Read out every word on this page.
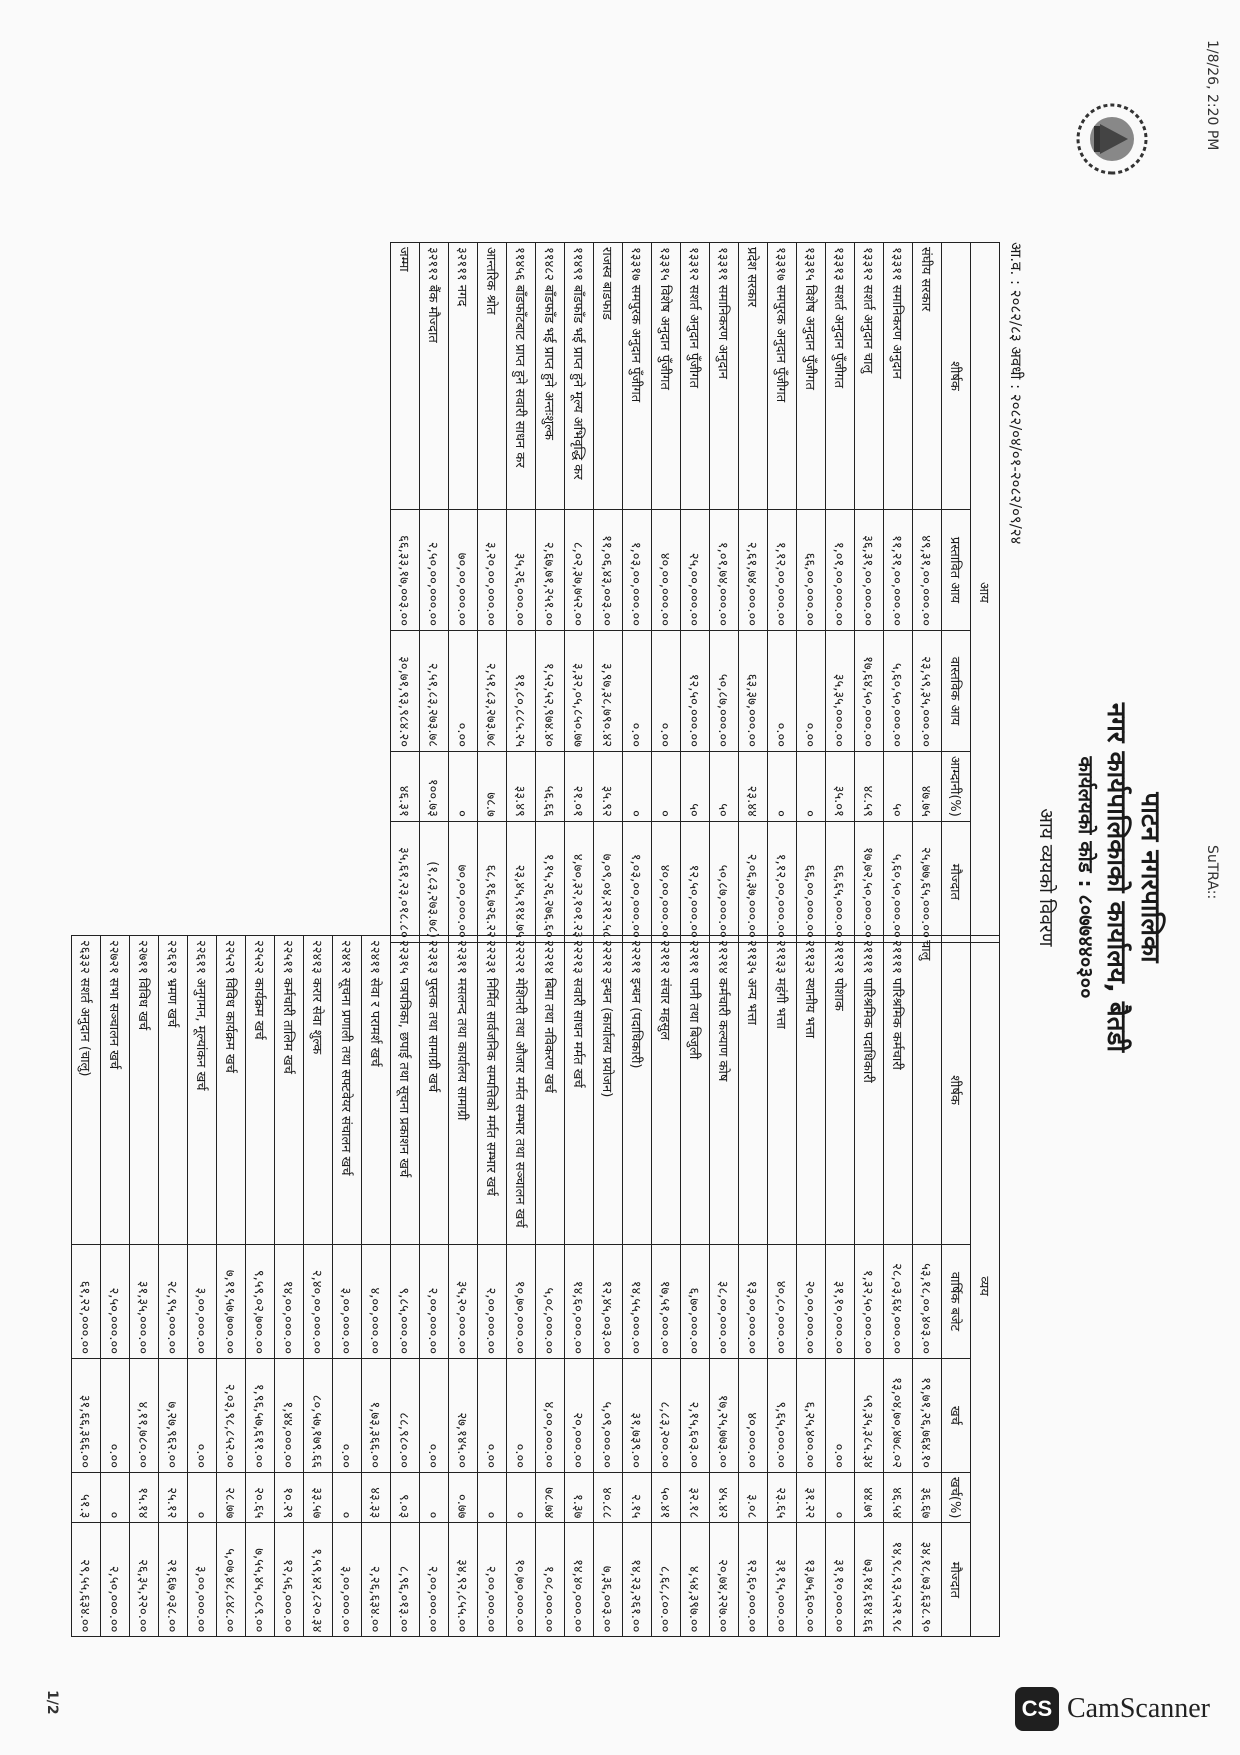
1/8/26, 2:20 PM
SuTRA::
1/2
पाटन नगरपालिका
नगर कार्यपालिकाको कार्यालय, बैतडी
कार्यलयको कोड : ८०७७४४०३००
आय व्ययको विवरण
आ.व. : २०८२/८३ अवधी : २०८२/०४/०१-२०८२/०९/२४
आय				
शीर्षक	प्रस्तावित आय	वास्तविक आय	आम्दानी(%)	मौज्दात
संघीय सरकार	४९,३१,००,०००.००	२३,५९,३५,०००.००	४७.७५	२५,७७,६५,०००.००
१३३११ समानिकरण अनुदान	११,२१,००,०००.००	५,६०,५०,०००.००	५०	५,६०,५०,०००.००
१३३१२ सशर्त अनुदान चालु	३६,३१,००,०००.००	१७,६४,५०,०००.००	४८.५९	१७,७२,५०,०००.००
१३३१३ सशर्त अनुदान पुँजीगत	१,०१,००,०००.००	३५,३५,०००.००	३५.०१	६६,६५,०००.००
१३३१५ विशेष अनुदान पुँजीगत	६६,००,०००.००	०.००	०	६६,००,०००.००
१३३१७ समपुरक अनुदान पुँजीगत	१,१२,००,०००.००	०.००	०	१,१२,००,०००.००
प्रदेश सरकार	२,६१,७४,०००.००	६३,३७,०००.००	२३.४४	२,०६,३७,०००.००
१३३११ समानिकरण अनुदान	१,०१,७४,०००.००	५०,८७,०००.००	५०	५०,८७,०००.००
१३३१२ सशर्त अनुदान पुँजीगत	२५,००,०००.००	१२,५०,०००.००	५०	१२,५०,०००.००
१३३१५ विशेष अनुदान पुँजीगत	४०,००,०००.००	०.००	०	४०,००,०००.००
१३३१७ समपुरक अनुदान पुँजीगत	१,०३,००,०००.००	०.००	०	१,०३,००,०००.००
राजस्व बाडफाड	११,०६,४३,००३.००	३,९७,३८,७९०.४२	३५.९२	७,०९,०४,२१२.५८
११४९१ बाँडफाँड भई प्राप्त हुने मूल्य अभिवृद्धि कर	८,०२,३७,७५२.००	३,३२,०५,८५०.७७	२१.०१	४,७०,३२,१०१.२३
११४८२ बाँडफाँड भई प्राप्त हुने अन्तःशुल्क	२,६७,७१,२५१.००	१,५२,५२,९७४.४०	५६.६६	१,१५,२६,२७६.६०
११४५६ बाँडफाँटबाट प्राप्त हुने सवारी साधन कर	३५,२६,०००.००	११,८०,८८५.२५	३३.४९	२३,४५,११४.७५
आन्तरिक श्रोत	३,२०,००,०००.००	२,५१,८३,२७३.७८	७८.७	६८,१६,७२६.२२
३२१११ नगद	७०,००,०००.००	०.००	०	७०,००,०००.००
३२११२ बैंक मौज्दात	२,५०,००,०००.००	२,५१,८३,२७३.७८	१००.७३	(१,८३,२७३.७८)
जम्मा	६६,३३,१७,००३.००	३०,७१,९३,९८४.२०	४६.३१	३५,६१,२३,०१८.८०
व्यय				
शीर्षक	वार्षिक बजेट	खर्च	खर्च(%)	मौज्दात
चालु	५३,१८,००,४०३.००	१९,७१,२६,७६४.१०	३६.६७	३४,१८,७३,६३८.९०
२११११ पारिश्रमिक कर्मचारी	२८,०३,६४,०००.००	१३,०४,७०,४७८.०२	४६.५४	१४,९८,९३,५२१.९८
२११११ पारिश्रमिक पदाधिकारी	१,३२,५०,०००.००	५९,३५,३८५.३४	४४.७९	७३,१४,६१४.६६
२११२१ पोशाक	३१,१०,०००.००	०.००	०	३१,१०,०००.००
२११३२ स्थानीय भत्ता	२०,००,०००.००	६,२५,४००.००	३१.२२	१३,७५,६००.००
२११३३ महंगी भत्ता	४०,८०,०००.००	९,६५,०००.००	२३.६५	३१,१५,०००.००
२११३५ अन्य भत्ता	१३,००,०००.००	४०,०००.००	३.०८	१२,६०,०००.००
२१२१४ कर्मचारी कल्याण कोष	३८,००,०००.००	१७,२५,७७३.००	४५.४२	२०,७४,२२७.००
२२१११ पानी तथा बिजुली	६,७०,०००.००	२,१५,६०३.००	३२.१८	४,५४,३९७.००
२२११२ संचार महसुल	१७,५१,०००.००	८,८३,२००.००	५०.४१	८,६८,८००.००
२२२११ इन्धन (पदाधिकारी)	१४,५५,०००.००	३१,७३९.००	२.१५	१४,२३,२६१.००
२२२१२ इन्धन (कार्यालय प्रयोजन)	१२,४५,००३.००	५,०९,०००.००	४०.८८	७,३६,००३.००
२२२१३ सवारी साधन मर्मत खर्च	१४,६०,०००.००	२०,०००.००	१.३७	१४,४०,०००.००
२२२१४ बिमा तथा नविकरण खर्च	५,०८,०००.००	४,००,०००.००	७८.७४	१,०८,०००.००
२२२२१ मेशिनरी तथा औजार मर्मत सम्भार तथा सञ्चालन खर्च	१०,७०,०००.००	०.००	०	१०,७०,०००.००
२२२३१ निर्मित सार्वजनिक सम्पत्तिको मर्मत सम्भार खर्च	२,००,०००.००	०.००	०	२,००,०००.००
२२३११ मसलन्द तथा कार्यालय सामाग्री	३५,२०,०००.००	२७,१४५.००	०.७७	३४,९२,८५५.००
२२३१३ पुस्तक तथा सामाग्री खर्च	२,००,०००.००	०.००	०	२,००,०००.००
२२३१५ पत्रपत्रिका, छपाई तथा सूचना प्रकाशन खर्च	९,८५,०००.००	८८,९८०.००	९.०३	८,९६,०१३.००
२२४११ सेवा र परामर्श खर्च	४,००,०००.००	१,७३,३६६.००	४३.३३	२,२६,६३४.००
२२४१२ सूचना प्रणाली तथा सफ्टवेयर संचालन खर्च	३,००,०००.००	०.००	०	३,००,०००.००
२२४१३ करार सेवा शुल्क	२,४०,००,०००.००	८०,५७,१७९.६६	३३.५७	१,५९,४२,८२०.३४
२२५११ कर्मचारी तालिम खर्च	१४,००,०००.००	१,४४,०००.००	१०.२९	१२,५६,०००.००
२२५२२ कार्यक्रम खर्च	९,५९,०२,७००.००	१,९६,५७,६११.००	२०.६५	७,५५,४५,०८९.००
२२५२९ विविध कार्यक्रम खर्च	७,११,५७,७००.००	२,०३,९८,८५२.००	२८.७७	५,०७,४८,८४८.००
२२६११ अनुगमन, मूल्यांकन खर्च	३,००,०००.००	०.००	०	३,००,०००.००
२२६१२ भ्रमण खर्च	२८,९५,०००.००	७,२७,९६२.००	२५.१२	२१,६७,०३८.००
२२७११ विविध खर्च	३१,३५,०००.००	४,११,७८०.००	१५.१४	२६,३५,२२०.००
२२७२१ सभा सञ्चालन खर्च	२,५०,०००.००	०.००	०	२,५०,०००.००
२६३३२ सशर्त अनुदान (चालु)	६१,२२,०००.००	३१,६६,३६६.००	५१.३	२९,५५,६३४.००
CS CamScanner
